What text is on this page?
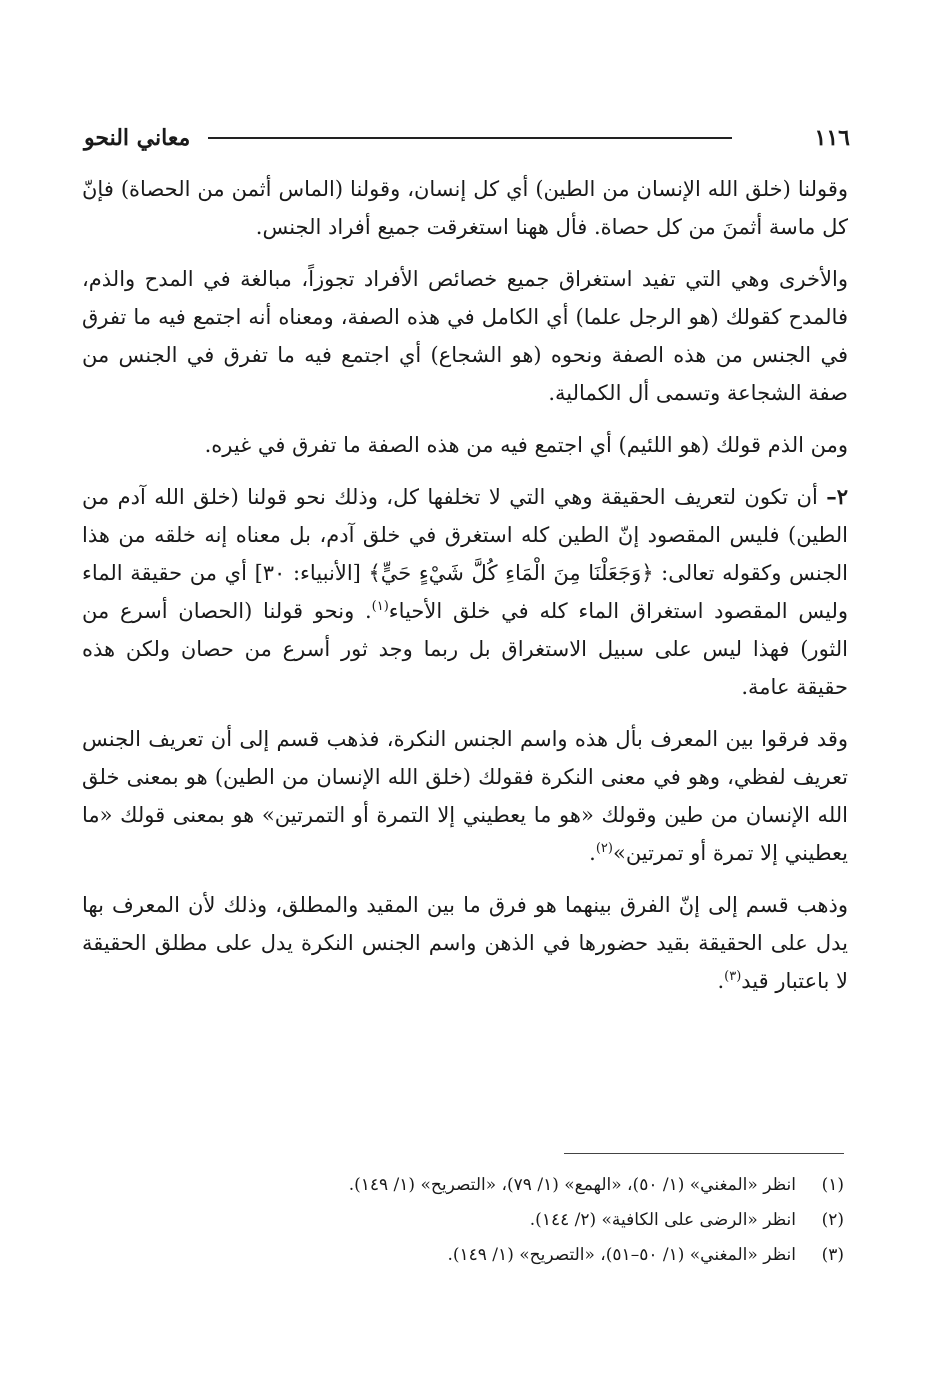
١١٦
معاني النحو

وقولنا (خلق الله الإنسان من الطين) أي كل إنسان، وقولنا (الماس أثمن من الحصاة) فإنّ كل ماسة أثمنَ من كل حصاة. فأل ههنا استغرقت جميع أفراد الجنس.

والأخرى وهي التي تفيد استغراق جميع خصائص الأفراد تجوزاً، مبالغة في المدح والذم، فالمدح كقولك (هو الرجل علما) أي الكامل في هذه الصفة، ومعناه أنه اجتمع فيه ما تفرق في الجنس من هذه الصفة ونحوه (هو الشجاع) أي اجتمع فيه ما تفرق في الجنس من صفة الشجاعة وتسمى أل الكمالية.

ومن الذم قولك (هو اللئيم) أي اجتمع فيه من هذه الصفة ما تفرق في غيره.

٢– أن تكون لتعريف الحقيقة وهي التي لا تخلفها كل، وذلك نحو قولنا (خلق الله آدم من الطين) فليس المقصود إنّ الطين كله استغرق في خلق آدم، بل معناه إنه خلقه من هذا الجنس وكقوله تعالى: ﴿وَجَعَلْنَا مِنَ الْمَاءِ كُلَّ شَيْءٍ حَيٍّ﴾ [الأنبياء: ٣٠] أي من حقيقة الماء وليس المقصود استغراق الماء كله في خلق الأحياء$^{(١)}$. ونحو قولنا (الحصان أسرع من الثور) فهذا ليس على سبيل الاستغراق بل ربما وجد ثور أسرع من حصان ولكن هذه حقيقة عامة.

وقد فرقوا بين المعرف بأل هذه واسم الجنس النكرة، فذهب قسم إلى أن تعريف الجنس تعريف لفظي، وهو في معنى النكرة فقولك (خلق الله الإنسان من الطين) هو بمعنى خلق الله الإنسان من طين وقولك «هو ما يعطيني إلا التمرة أو التمرتين» هو بمعنى قولك «ما يعطيني إلا تمرة أو تمرتين»$^{(٢)}$.

وذهب قسم إلى إنّ الفرق بينهما هو فرق ما بين المقيد والمطلق، وذلك لأن المعرف بها يدل على الحقيقة بقيد حضورها في الذهن واسم الجنس النكرة يدل على مطلق الحقيقة لا باعتبار قيد$^{(٣)}$.

(١)
انظر «المغني» (١/ ٥٠)، «الهمع» (١/ ٧٩)، «التصريح» (١/ ١٤٩).
(٢)
انظر «الرضى على الكافية» (٢/ ١٤٤).
(٣)
انظر «المغني» (١/ ٥٠–٥١)، «التصريح» (١/ ١٤٩).
